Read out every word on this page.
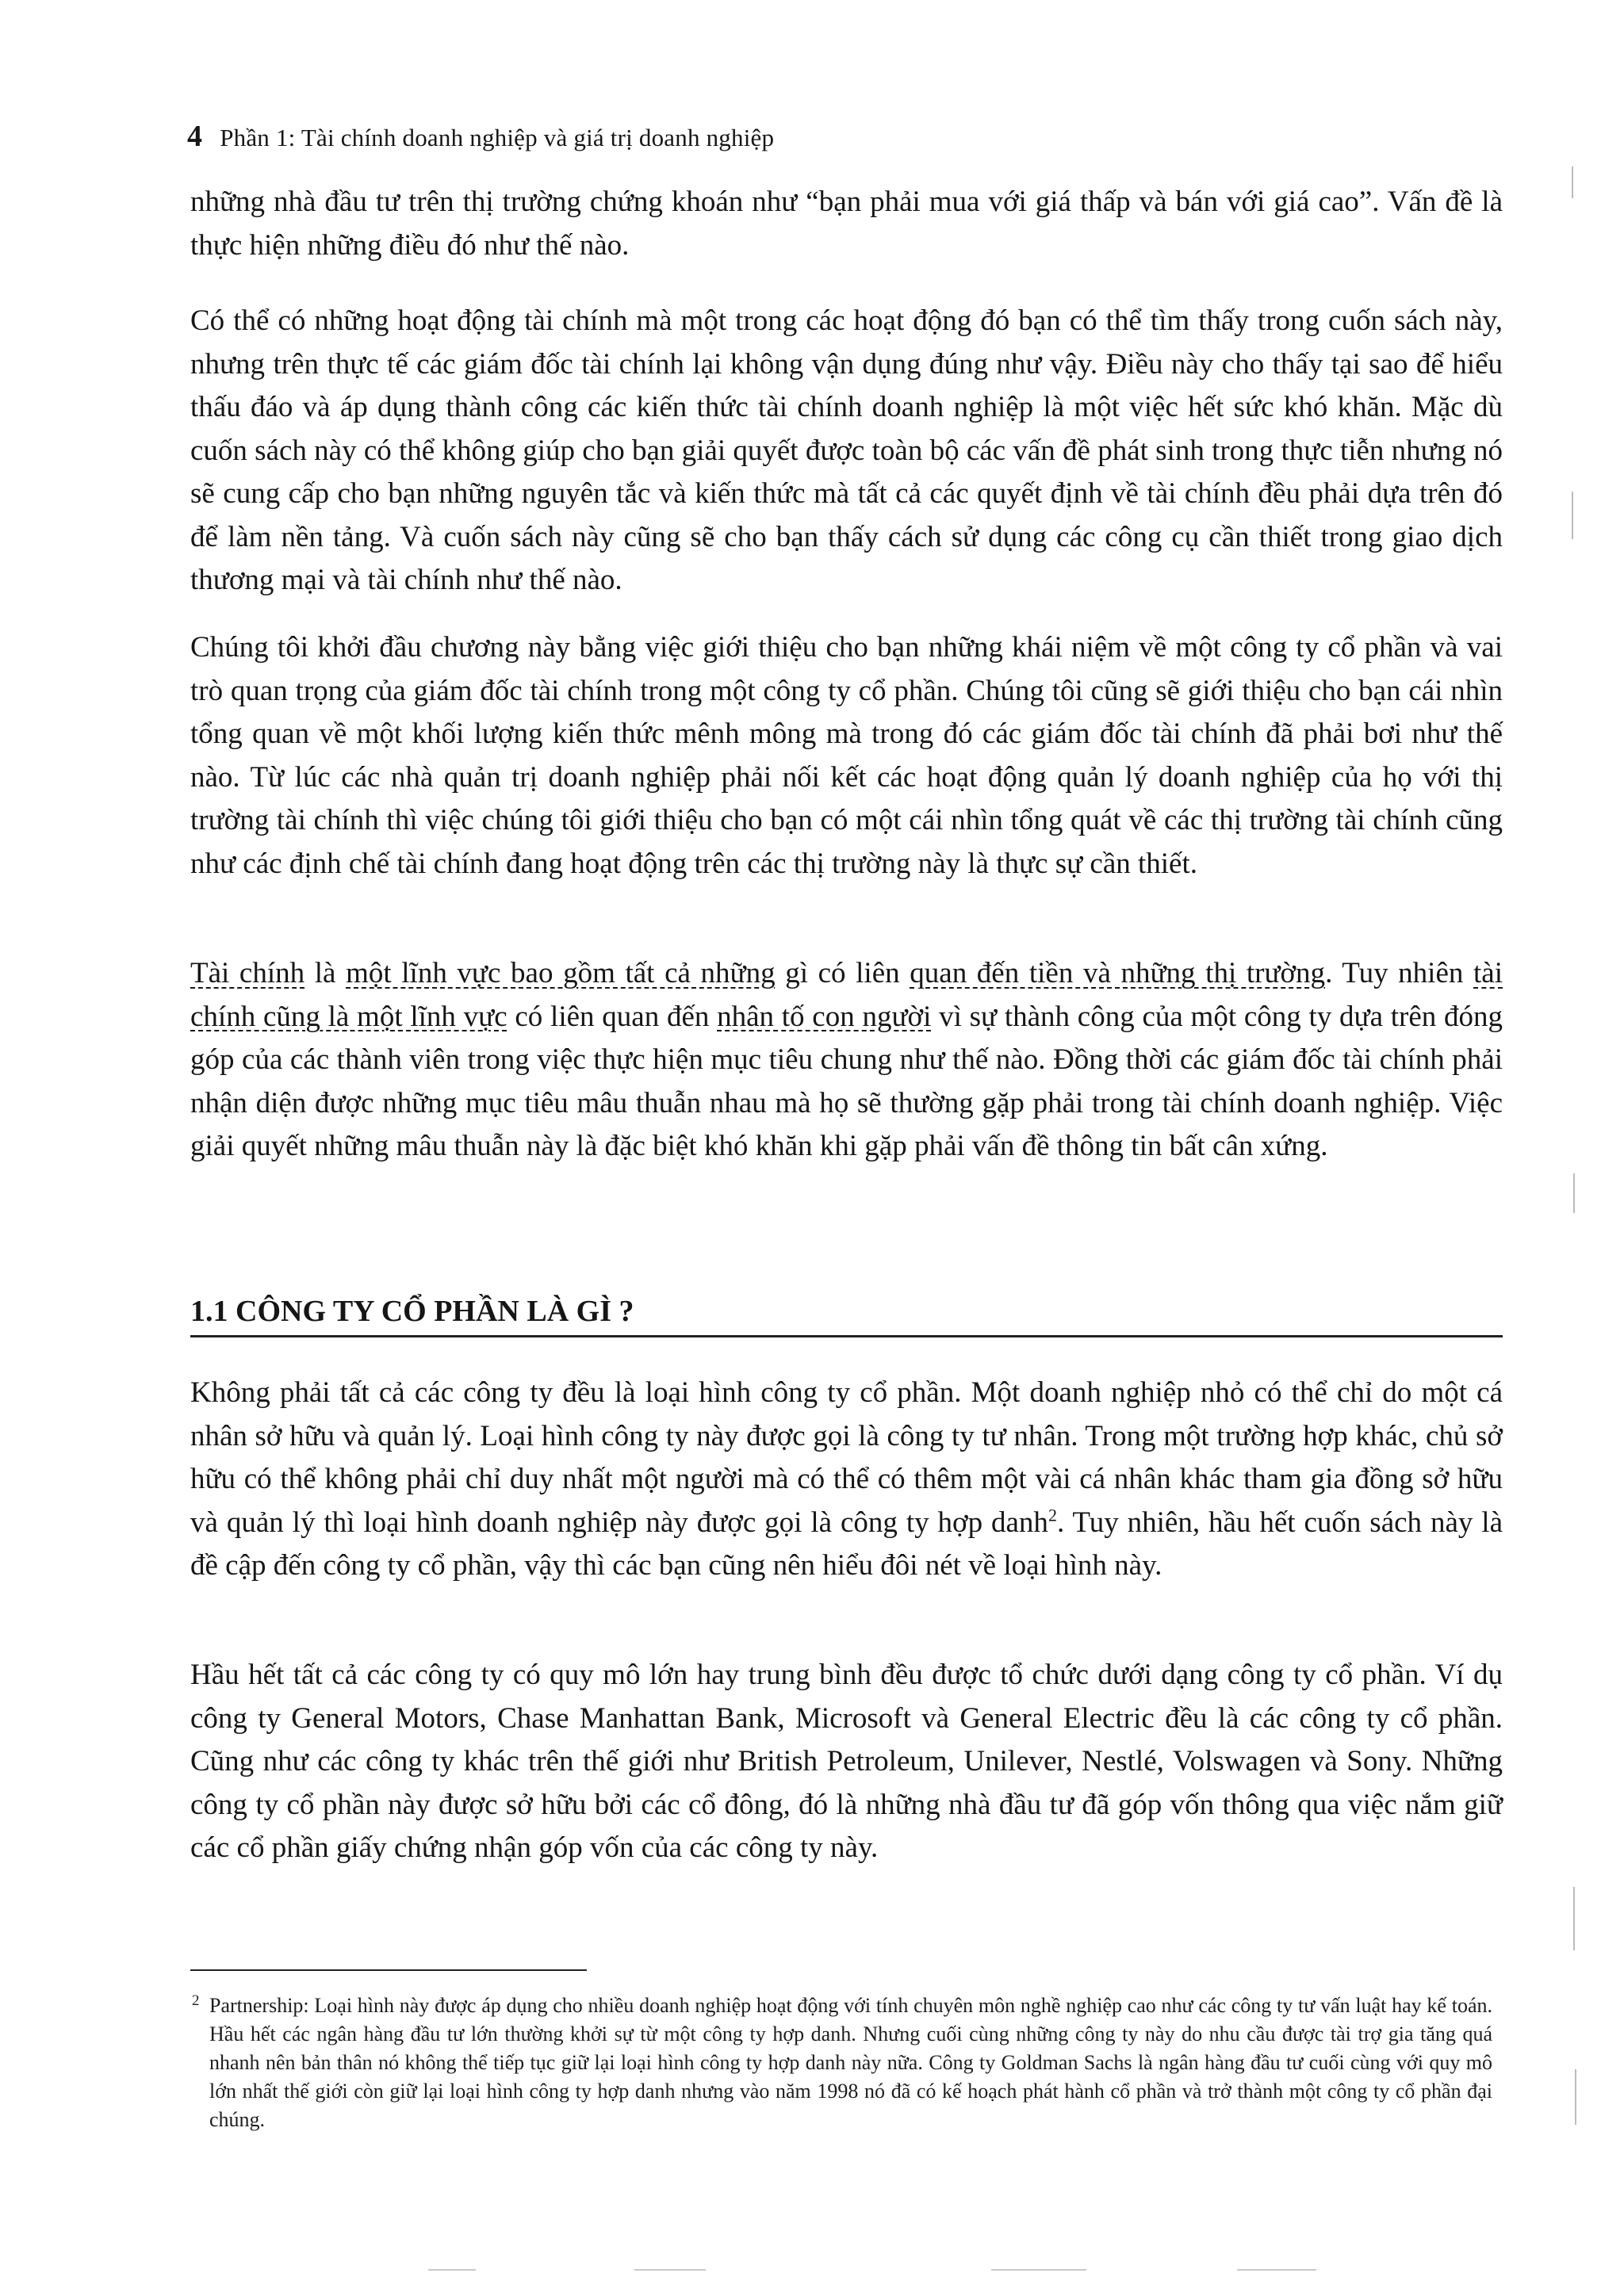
4 Phần 1: Tài chính doanh nghiệp và giá trị doanh nghiệp

những nhà đầu tư trên thị trường chứng khoán như “bạn phải mua với giá thấp và bán với giá cao”. Vấn đề là thực hiện những điều đó như thế nào.

Có thể có những hoạt động tài chính mà một trong các hoạt động đó bạn có thể tìm thấy trong cuốn sách này, nhưng trên thực tế các giám đốc tài chính lại không vận dụng đúng như vậy. Điều này cho thấy tại sao để hiểu thấu đáo và áp dụng thành công các kiến thức tài chính doanh nghiệp là một việc hết sức khó khăn. Mặc dù cuốn sách này có thể không giúp cho bạn giải quyết được toàn bộ các vấn đề phát sinh trong thực tiễn nhưng nó sẽ cung cấp cho bạn những nguyên tắc và kiến thức mà tất cả các quyết định về tài chính đều phải dựa trên đó để làm nền tảng. Và cuốn sách này cũng sẽ cho bạn thấy cách sử dụng các công cụ cần thiết trong giao dịch thương mại và tài chính như thế nào.

Chúng tôi khởi đầu chương này bằng việc giới thiệu cho bạn những khái niệm về một công ty cổ phần và vai trò quan trọng của giám đốc tài chính trong một công ty cổ phần. Chúng tôi cũng sẽ giới thiệu cho bạn cái nhìn tổng quan về một khối lượng kiến thức mênh mông mà trong đó các giám đốc tài chính đã phải bơi như thế nào. Từ lúc các nhà quản trị doanh nghiệp phải nối kết các hoạt động quản lý doanh nghiệp của họ với thị trường tài chính thì việc chúng tôi giới thiệu cho bạn có một cái nhìn tổng quát về các thị trường tài chính cũng như các định chế tài chính đang hoạt động trên các thị trường này là thực sự cần thiết.

Tài chính là một lĩnh vực bao gồm tất cả những gì có liên quan đến tiền và những thị trường. Tuy nhiên tài chính cũng là một lĩnh vực có liên quan đến nhân tố con người vì sự thành công của một công ty dựa trên đóng góp của các thành viên trong việc thực hiện mục tiêu chung như thế nào. Đồng thời các giám đốc tài chính phải nhận diện được những mục tiêu mâu thuẫn nhau mà họ sẽ thường gặp phải trong tài chính doanh nghiệp. Việc giải quyết những mâu thuẫn này là đặc biệt khó khăn khi gặp phải vấn đề thông tin bất cân xứng.

1.1 CÔNG TY CỔ PHẦN LÀ GÌ ?

Không phải tất cả các công ty đều là loại hình công ty cổ phần. Một doanh nghiệp nhỏ có thể chỉ do một cá nhân sở hữu và quản lý. Loại hình công ty này được gọi là công ty tư nhân. Trong một trường hợp khác, chủ sở hữu có thể không phải chỉ duy nhất một người mà có thể có thêm một vài cá nhân khác tham gia đồng sở hữu và quản lý thì loại hình doanh nghiệp này được gọi là công ty hợp danh$^2$. Tuy nhiên, hầu hết cuốn sách này là đề cập đến công ty cổ phần, vậy thì các bạn cũng nên hiểu đôi nét về loại hình này.

Hầu hết tất cả các công ty có quy mô lớn hay trung bình đều được tổ chức dưới dạng công ty cổ phần. Ví dụ công ty General Motors, Chase Manhattan Bank, Microsoft và General Electric đều là các công ty cổ phần. Cũng như các công ty khác trên thế giới như British Petroleum, Unilever, Nestlé, Volswagen và Sony. Những công ty cổ phần này được sở hữu bởi các cổ đông, đó là những nhà đầu tư đã góp vốn thông qua việc nắm giữ các cổ phần giấy chứng nhận góp vốn của các công ty này.

2 Partnership: Loại hình này được áp dụng cho nhiều doanh nghiệp hoạt động với tính chuyên môn nghề nghiệp cao như các công ty tư vấn luật hay kế toán. Hầu hết các ngân hàng đầu tư lớn thường khởi sự từ một công ty hợp danh. Nhưng cuối cùng những công ty này do nhu cầu được tài trợ gia tăng quá nhanh nên bản thân nó không thể tiếp tục giữ lại loại hình công ty hợp danh này nữa. Công ty Goldman Sachs là ngân hàng đầu tư cuối cùng với quy mô lớn nhất thế giới còn giữ lại loại hình công ty hợp danh nhưng vào năm 1998 nó đã có kế hoạch phát hành cổ phần và trở thành một công ty cổ phần đại chúng.
